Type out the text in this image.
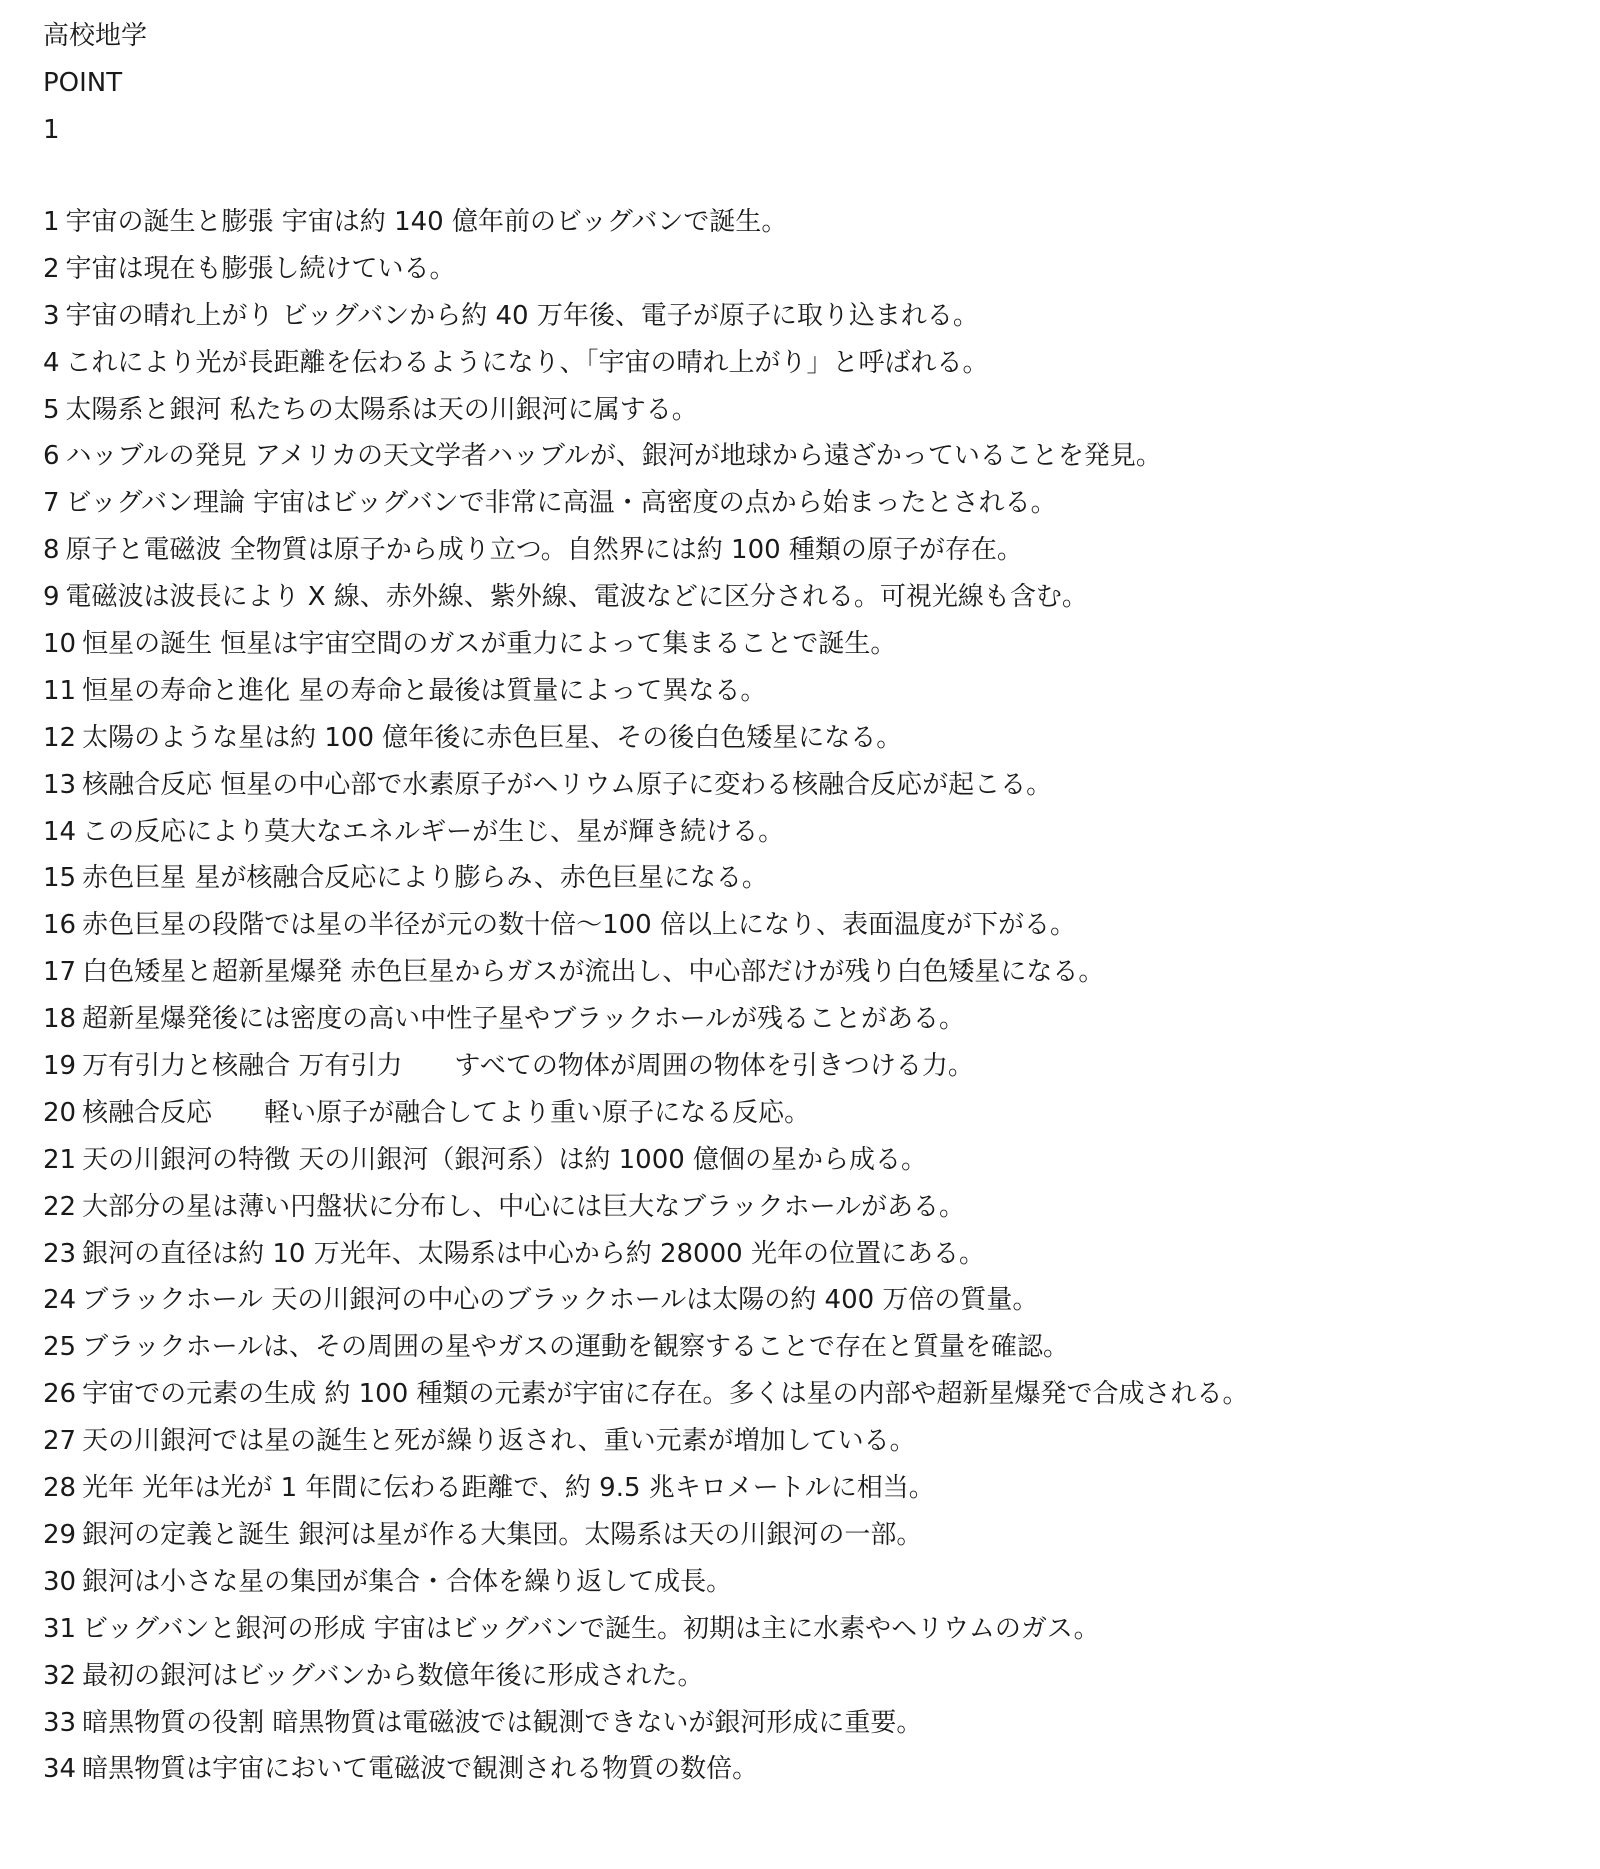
高校地学
POINT
1
1 宇宙の誕生と膨張 宇宙は約 140 億年前のビッグバンで誕生。
2 宇宙は現在も膨張し続けている。
3 宇宙の晴れ上がり ビッグバンから約 40 万年後、電子が原子に取り込まれる。
4 これにより光が長距離を伝わるようになり、「宇宙の晴れ上がり」と呼ばれる。
5 太陽系と銀河 私たちの太陽系は天の川銀河に属する。
6 ハッブルの発見 アメリカの天文学者ハッブルが、銀河が地球から遠ざかっていることを発見。
7 ビッグバン理論 宇宙はビッグバンで非常に高温・高密度の点から始まったとされる。
8 原子と電磁波 全物質は原子から成り立つ。自然界には約 100 種類の原子が存在。
9 電磁波は波長により X 線、赤外線、紫外線、電波などに区分される。可視光線も含む。
10 恒星の誕生 恒星は宇宙空間のガスが重力によって集まることで誕生。
11 恒星の寿命と進化 星の寿命と最後は質量によって異なる。
12 太陽のような星は約 100 億年後に赤色巨星、その後白色矮星になる。
13 核融合反応 恒星の中心部で水素原子がヘリウム原子に変わる核融合反応が起こる。
14 この反応により莫大なエネルギーが生じ、星が輝き続ける。
15 赤色巨星 星が核融合反応により膨らみ、赤色巨星になる。
16 赤色巨星の段階では星の半径が元の数十倍〜100 倍以上になり、表面温度が下がる。
17 白色矮星と超新星爆発 赤色巨星からガスが流出し、中心部だけが残り白色矮星になる。
18 超新星爆発後には密度の高い中性子星やブラックホールが残ることがある。
19 万有引力と核融合 万有引力　　すべての物体が周囲の物体を引きつける力。
20 核融合反応　　軽い原子が融合してより重い原子になる反応。
21 天の川銀河の特徴 天の川銀河（銀河系）は約 1000 億個の星から成る。
22 大部分の星は薄い円盤状に分布し、中心には巨大なブラックホールがある。
23 銀河の直径は約 10 万光年、太陽系は中心から約 28000 光年の位置にある。
24 ブラックホール 天の川銀河の中心のブラックホールは太陽の約 400 万倍の質量。
25 ブラックホールは、その周囲の星やガスの運動を観察することで存在と質量を確認。
26 宇宙での元素の生成 約 100 種類の元素が宇宙に存在。多くは星の内部や超新星爆発で合成される。
27 天の川銀河では星の誕生と死が繰り返され、重い元素が増加している。
28 光年 光年は光が 1 年間に伝わる距離で、約 9.5 兆キロメートルに相当。
29 銀河の定義と誕生 銀河は星が作る大集団。太陽系は天の川銀河の一部。
30 銀河は小さな星の集団が集合・合体を繰り返して成長。
31 ビッグバンと銀河の形成 宇宙はビッグバンで誕生。初期は主に水素やヘリウムのガス。
32 最初の銀河はビッグバンから数億年後に形成された。
33 暗黒物質の役割 暗黒物質は電磁波では観測できないが銀河形成に重要。
34 暗黒物質は宇宙において電磁波で観測される物質の数倍。
